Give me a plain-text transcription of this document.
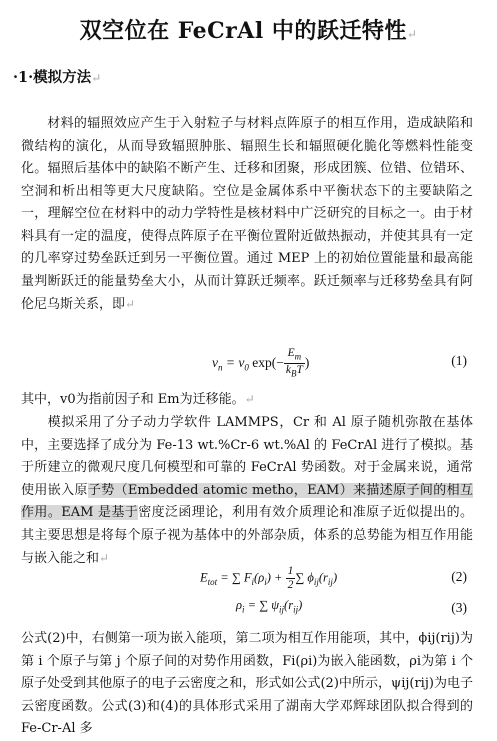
双空位在 FeCrAl 中的跃迁特性↵
·1·模拟方法↵
材料的辐照效应产生于入射粒子与材料点阵原子的相互作用，造成缺陷和微结构的演化，从而导致辐照肿胀、辐照生长和辐照硬化脆化等燃料性能变化。辐照后基体中的缺陷不断产生、迁移和团聚，形成团簇、位错、位错环、空洞和析出相等更大尺度缺陷。空位是金属体系中平衡状态下的主要缺陷之一，理解空位在材料中的动力学特性是核材料中广泛研究的目标之一。由于材料具有一定的温度，使得点阵原子在平衡位置附近做热振动，并使其具有一定的几率穿过势垒跃迁到另一平衡位置。通过 MEP 上的初始位置能量和最高能量判断跃迁的能量势垒大小，从而计算跃迁频率。跃迁频率与迁移势垒具有阿伦尼乌斯关系，即↵
$\nu_n = \nu_0$ $\exp(- \frac{E_m}{k_BT}$ )	(1)
其中，v0为指前因子和 Em为迁移能。↵
模拟采用了分子动力学软件 LAMMPS，Cr 和 Al 原子随机弥散在基体中，主要选择了成分为 Fe-13 wt.%Cr-6 wt.%Al 的 FeCrAl 进行了模拟。基于所建立的微观尺度几何模型和可靠的 FeCrAl 势函数。对于金属来说，通常使用嵌入原子势（Embedded atomic metho，EAM）来描述原子间的相互作用。EAM 是基于密度泛函理论，利用有效介质理论和准原子近似提出的。其主要思想是将每个原子视为基体中的外部杂质，体系的总势能为相互作用能与嵌入能之和↵
$E_{tot}$ = ∑ $F_i(\rho_i) + \frac{1}{2}$ ∑ $\phi_{ij}(r_{ij})$	(2)
$\rho_i$ = ∑ $\psi_{ij}(r_{ij})$	(3)
公式(2)中，右侧第一项为嵌入能项，第二项为相互作用能项，其中，ϕij(rij)为第 i 个原子与第 j 个原子间的对势作用函数，Fi(ρi)为嵌入能函数，ρi为第 i 个原子处受到其他原子的电子云密度之和，形式如公式(2)中所示，ψij(rij)为电子云密度函数。公式(3)和(4)的具体形式采用了湖南大学邓辉球团队拟合得到的 Fe-Cr-Al 多
